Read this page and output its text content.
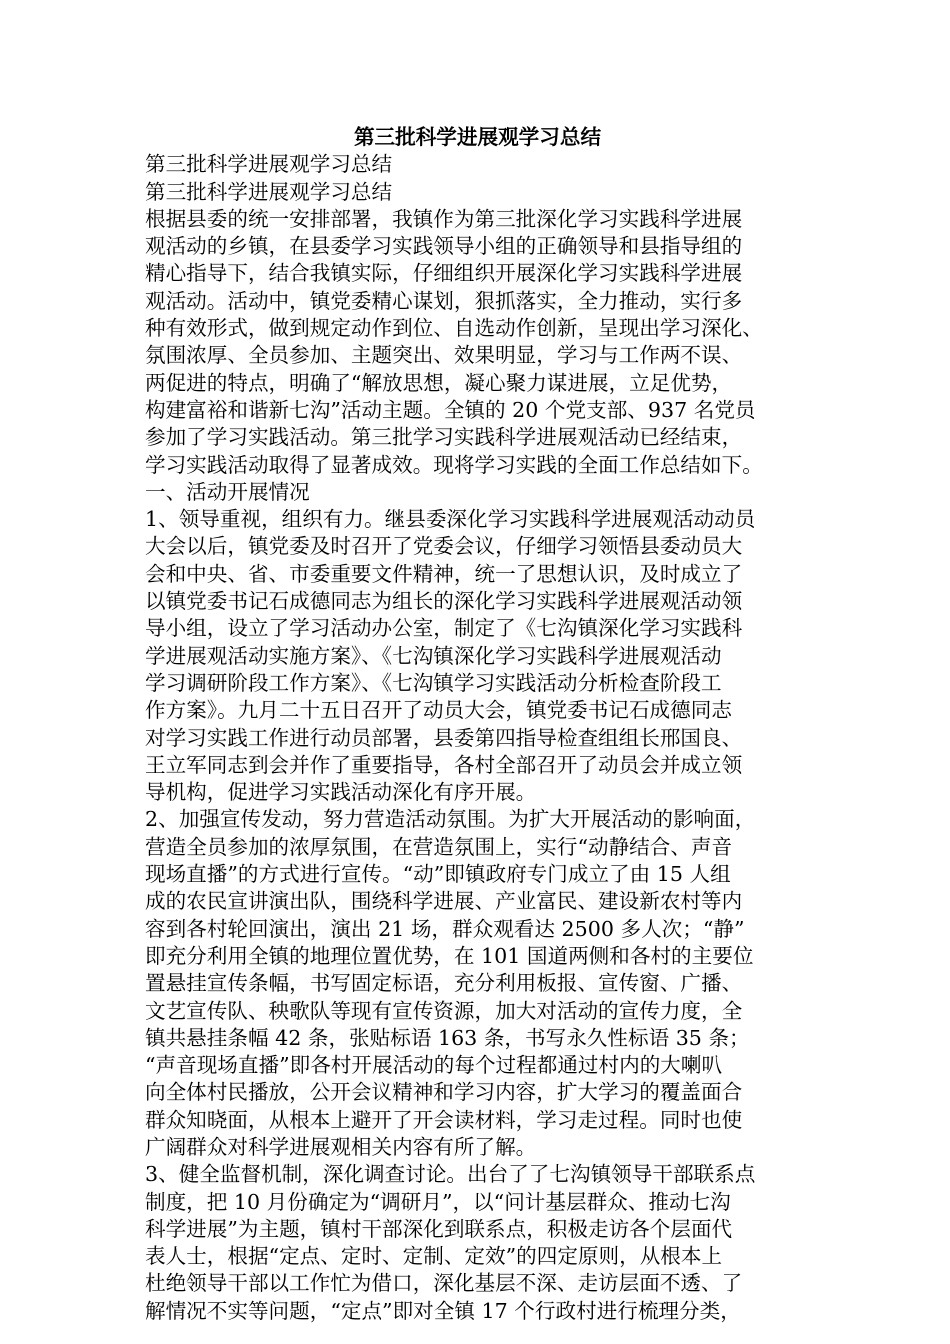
第三批科学进展观学习总结

第三批科学进展观学习总结

第三批科学进展观学习总结

根据县委的统一安排部署，我镇作为第三批深化学习实践科学进展

观活动的乡镇，在县委学习实践领导小组的正确领导和县指导组的

精心指导下，结合我镇实际，仔细组织开展深化学习实践科学进展

观活动。活动中，镇党委精心谋划，狠抓落实，全力推动，实行多

种有效形式，做到规定动作到位、自选动作创新，呈现出学习深化、

氛围浓厚、全员参加、主题突出、效果明显，学习与工作两不误、

两促进的特点，明确了“解放思想，凝心聚力谋进展，立足优势，

构建富裕和谐新七沟”活动主题。全镇的 20 个党支部、937 名党员

参加了学习实践活动。第三批学习实践科学进展观活动已经结束，

学习实践活动取得了显著成效。现将学习实践的全面工作总结如下。

一、活动开展情况

1、领导重视，组织有力。继县委深化学习实践科学进展观活动动员

大会以后，镇党委及时召开了党委会议，仔细学习领悟县委动员大

会和中央、省、市委重要文件精神，统一了思想认识，及时成立了

以镇党委书记石成德同志为组长的深化学习实践科学进展观活动领

导小组，设立了学习活动办公室，制定了《七沟镇深化学习实践科

学进展观活动实施方案》、《七沟镇深化学习实践科学进展观活动

学习调研阶段工作方案》、《七沟镇学习实践活动分析检查阶段工

作方案》。九月二十五日召开了动员大会，镇党委书记石成德同志

对学习实践工作进行动员部署，县委第四指导检查组组长邢国良、

王立军同志到会并作了重要指导，各村全部召开了动员会并成立领

导机构，促进学习实践活动深化有序开展。

2、加强宣传发动，努力营造活动氛围。为扩大开展活动的影响面，

营造全员参加的浓厚氛围，在营造氛围上，实行“动静结合、声音

现场直播”的方式进行宣传。“动”即镇政府专门成立了由 15 人组

成的农民宣讲演出队，围绕科学进展、产业富民、建设新农村等内

容到各村轮回演出，演出 21 场，群众观看达 2500 多人次；“静”

即充分利用全镇的地理位置优势，在 101 国道两侧和各村的主要位

置悬挂宣传条幅，书写固定标语，充分利用板报、宣传窗、广播、

文艺宣传队、秧歌队等现有宣传资源，加大对活动的宣传力度，全

镇共悬挂条幅 42 条，张贴标语 163 条，书写永久性标语 35 条；

“声音现场直播”即各村开展活动的每个过程都通过村内的大喇叭

向全体村民播放，公开会议精神和学习内容，扩大学习的覆盖面合

群众知晓面，从根本上避开了开会读材料，学习走过程。同时也使

广阔群众对科学进展观相关内容有所了解。

3、健全监督机制，深化调查讨论。出台了了七沟镇领导干部联系点

制度，把 10 月份确定为“调研月”，以“问计基层群众、推动七沟

科学进展”为主题，镇村干部深化到联系点，积极走访各个层面代

表人士，根据“定点、定时、定制、定效”的四定原则，从根本上

杜绝领导干部以工作忙为借口，深化基层不深、走访层面不透、了

解情况不实等问题，“定点”即对全镇 17 个行政村进行梳理分类，
